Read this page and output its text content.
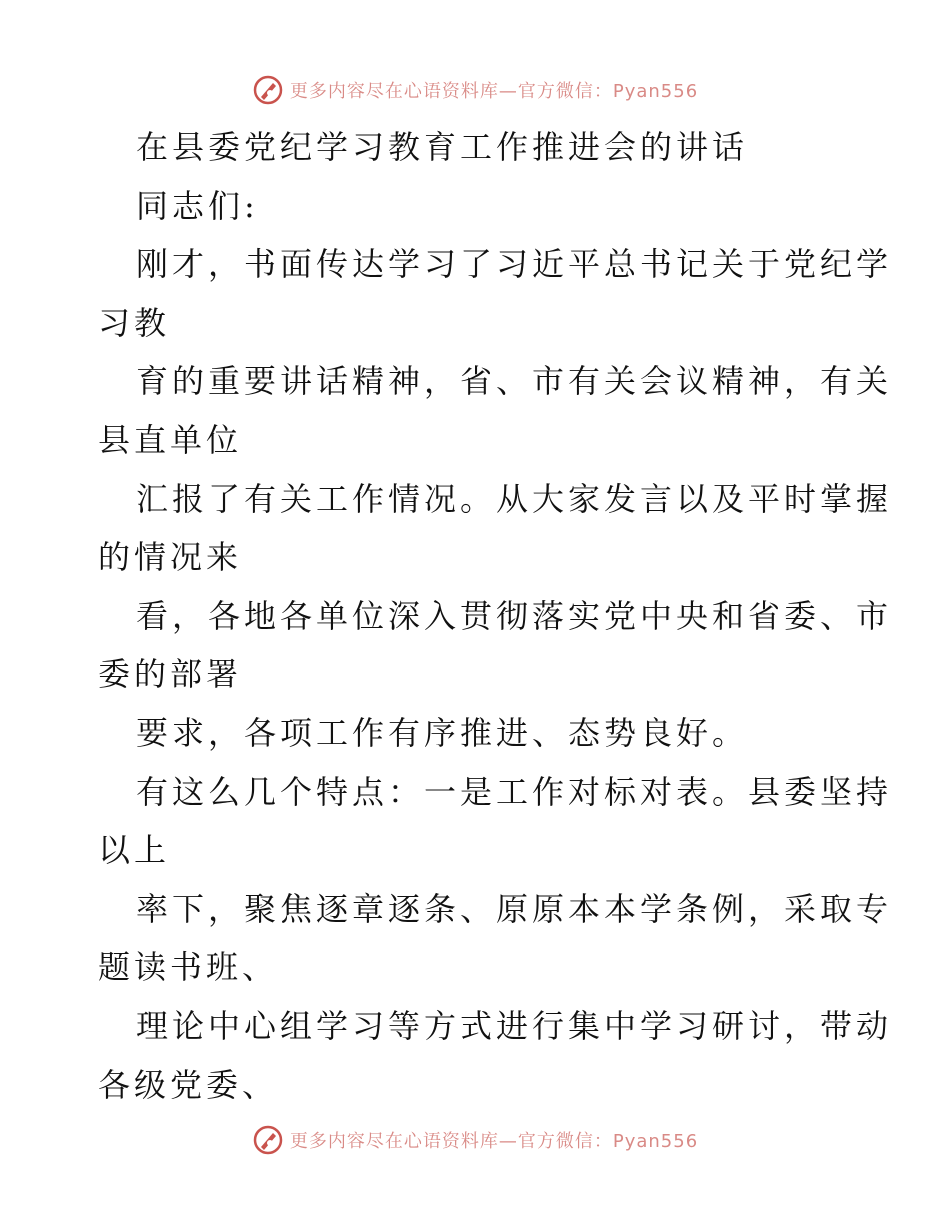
更多内容尽在心语资料库—官方微信：Pyan556
在县委党纪学习教育工作推进会的讲话
同志们:
刚才，书面传达学习了习近平总书记关于党纪学
习教
育的重要讲话精神，省、市有关会议精神，有关
县直单位
汇报了有关工作情况。从大家发言以及平时掌握
的情况来
看，各地各单位深入贯彻落实党中央和省委、市
委的部署
要求，各项工作有序推进、态势良好。
有这么几个特点：一是工作对标对表。县委坚持
以上
率下，聚焦逐章逐条、原原本本学条例，采取专
题读书班、
理论中心组学习等方式进行集中学习研讨，带动
各级党委、
更多内容尽在心语资料库—官方微信：Pyan556
